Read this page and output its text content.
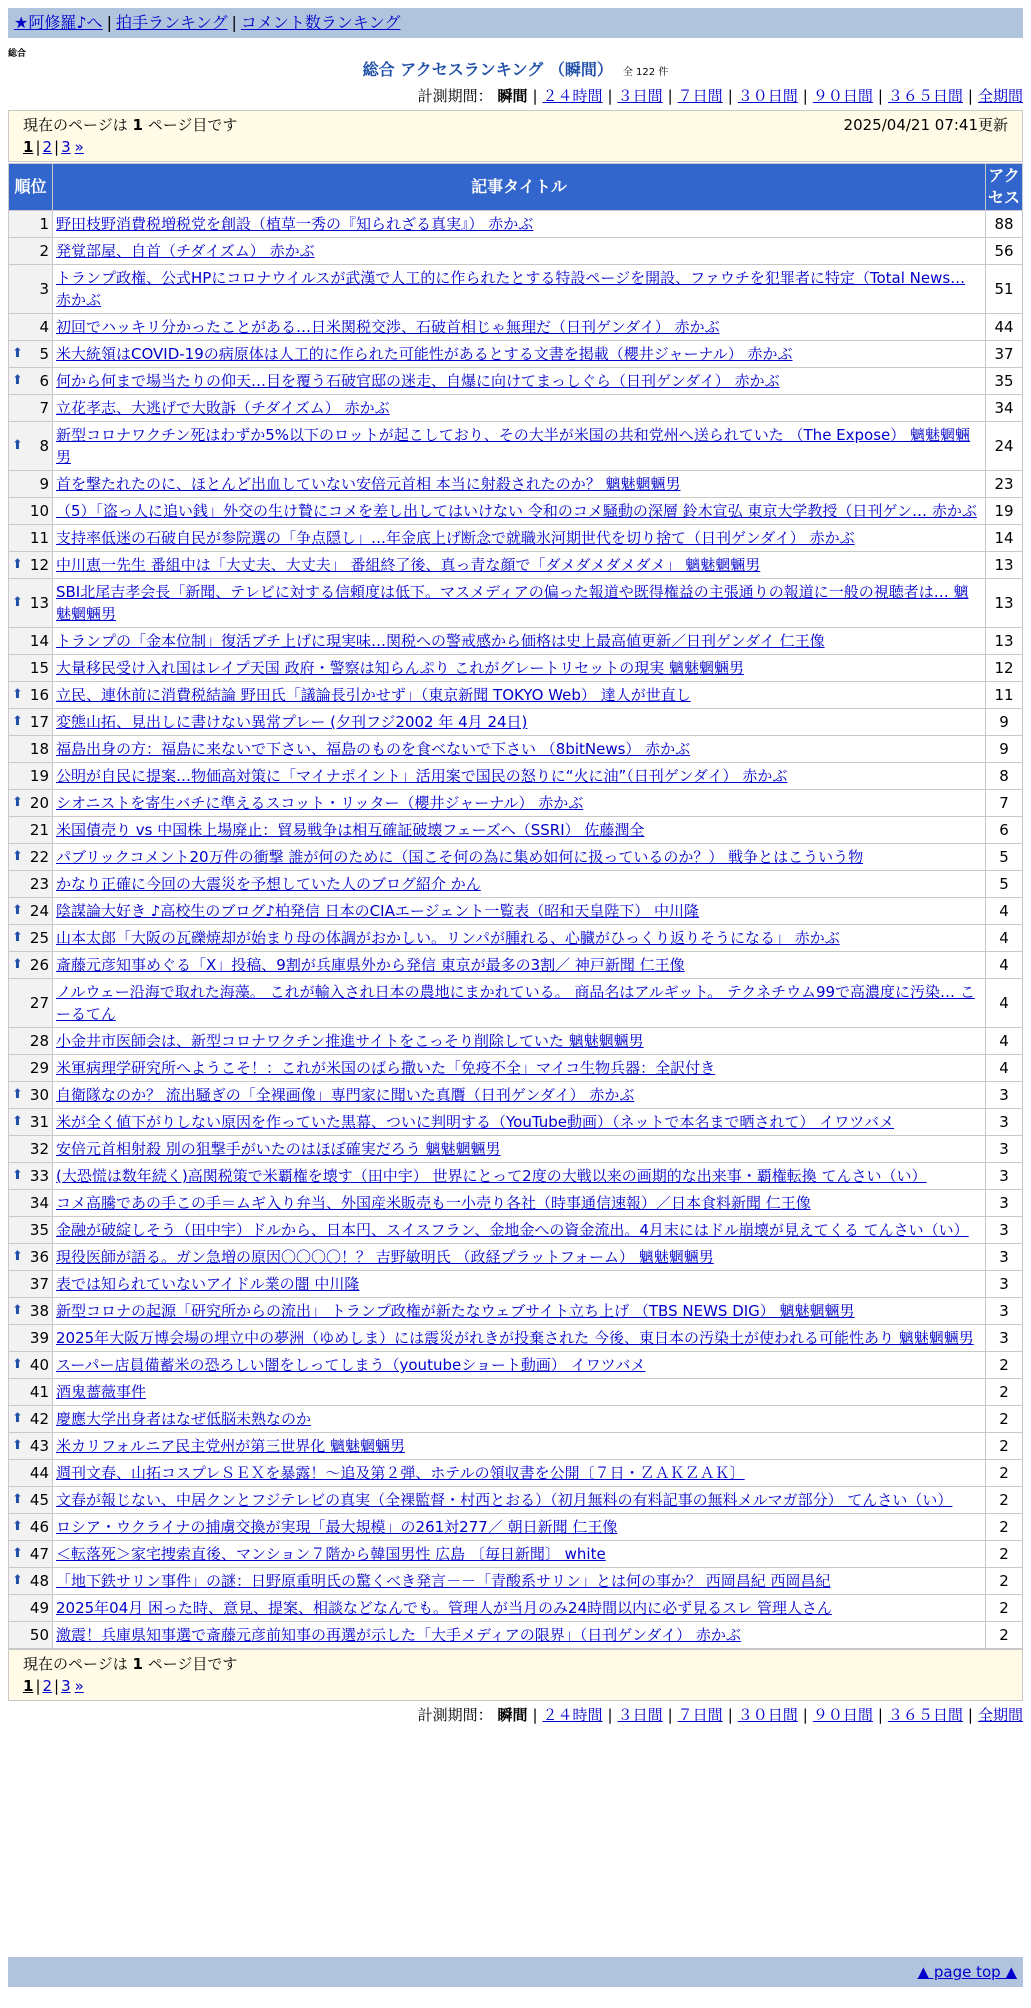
★阿修羅♪へ | 拍手ランキング | コメント数ランキング
総合
総合 アクセスランキング （瞬間） 全 122 件
計測期間： 瞬間 | ２４時間 | ３日間 | ７日間 | ３０日間 | ９０日間 | ３６５日間 | 全期間
現在のページは 1 ページ目です	2025/04/21 07:41更新
1 | 2 | 3 »
順位	記事タイトル	アクセス
1	野田枝野消費税増税党を創設（植草一秀の『知られざる真実』） 赤かぶ	88
2	発覚部屋、自首（チダイズム） 赤かぶ	56
3	トランプ政権、公式HPにコロナウイルスが武漢で人工的に作られたとする特設ページを開設、ファウチを犯罪者に特定（Total News… 赤かぶ	51
4	初回でハッキリ分かったことがある…日米関税交渉、石破首相じゃ無理だ（日刊ゲンダイ） 赤かぶ	44

⬆ 5	米大統領はCOVID-19の病原体は人工的に作られた可能性があるとする文書を掲載（櫻井ジャーナル） 赤かぶ	37

⬆ 6	何から何まで場当たりの仰天…目を覆う石破官邸の迷走、自爆に向けてまっしぐら（日刊ゲンダイ） 赤かぶ	35
7	立花孝志、大逃げで大敗訴（チダイズム） 赤かぶ	34

⬆ 8	新型コロナワクチン死はわずか5%以下のロットが起こしており、その大半が米国の共和党州へ送られていた （The Expose） 魑魅魍魎男	24
9	首を撃たれたのに、ほとんど出血していない安倍元首相 本当に射殺されたのか？ 魑魅魍魎男	23
10	（5）「盗っ人に追い銭」外交の生け贄にコメを差し出してはいけない 令和のコメ騒動の深層 鈴木宣弘 東京大学教授（日刊ゲン… 赤かぶ	19
11	支持率低迷の石破自民が参院選の「争点隠し」…年金底上げ断念で就職氷河期世代を切り捨て（日刊ゲンダイ） 赤かぶ	14

⬆ 12	中川恵一先生 番組中は「大丈夫、大丈夫」 番組終了後、真っ青な顔で「ダメダメダメダメ」 魑魅魍魎男	13

⬆ 13	SBI北尾吉孝会長「新聞、テレビに対する信頼度は低下。マスメディアの偏った報道や既得権益の主張通りの報道に一般の視聴者は… 魑魅魍魎男	13
14	トランプの「金本位制」復活ブチ上げに現実味…関税への警戒感から価格は史上最高値更新／日刊ゲンダイ 仁王像	13
15	大量移民受け入れ国はレイプ天国 政府・警察は知らんぷり これがグレートリセットの現実 魑魅魍魎男	12

⬆ 16	立民、連休前に消費税結論 野田氏「議論長引かせず」（東京新聞 TOKYO Web） 達人が世直し	11

⬆ 17	変態山拓、見出しに書けない異常プレー (夕刊フジ2002 年 4月 24日)	9
18	福島出身の方：福島に来ないで下さい、福島のものを食べないで下さい （8bitNews） 赤かぶ	9
19	公明が自民に提案…物価高対策に「マイナポイント」活用案で国民の怒りに“火に油”（日刊ゲンダイ） 赤かぶ	8

⬆ 20	シオニストを寄生バチに準えるスコット・リッター（櫻井ジャーナル） 赤かぶ	7
21	米国債売り vs 中国株上場廃止：貿易戦争は相互確証破壊フェーズへ（SSRI） 佐藤潤全	6

⬆ 22	パブリックコメント20万件の衝撃 誰が何のために（国こそ何の為に集め如何に扱っているのか？） 戦争とはこういう物	5
23	かなり正確に今回の大震災を予想していた人のブログ紹介 かん	5

⬆ 24	陰謀論大好き ♪高校生のブログ♪柏発信 日本のCIAエージェント一覧表（昭和天皇陛下） 中川隆	4

⬆ 25	山本太郎「大阪の瓦礫焼却が始まり母の体調がおかしい。リンパが腫れる、心臓がひっくり返りそうになる」 赤かぶ	4

⬆ 26	斎藤元彦知事めぐる「X」投稿、9割が兵庫県外から発信 東京が最多の3割／ 神戸新聞 仁王像	4
27	ノルウェー沿海で取れた海藻。 これが輸入され日本の農地にまかれている。 商品名はアルギット。 テクネチウム99で高濃度に汚染… こーるてん	4
28	小金井市医師会は、新型コロナワクチン推進サイトをこっそり削除していた 魑魅魍魎男	4
29	米軍病理学研究所へようこそ！：これが米国のばら撒いた「免疫不全」マイコ生物兵器：全訳付き	4

⬆ 30	自衛隊なのか？ 流出騒ぎの「全裸画像」専門家に聞いた真贋（日刊ゲンダイ） 赤かぶ	3

⬆ 31	米が全く値下がりしない原因を作っていた黒幕、ついに判明する（YouTube動画）（ネットで本名まで晒されて） イワツバメ	3
32	安倍元首相射殺 別の狙撃手がいたのはほぼ確実だろう 魑魅魍魎男	3

⬆ 33	(大恐慌は数年続く)高関税策で米覇権を壊す（田中宇） 世界にとって2度の大戦以来の画期的な出来事・覇権転換 てんさい（い）	3
34	コメ高騰であの手この手＝ムギ入り弁当、外国産米販売も一小売り各社（時事通信速報）／日本食料新聞 仁王像	3
35	金融が破綻しそう（田中宇）ドルから、日本円、スイスフラン、金地金への資金流出。4月末にはドル崩壊が見えてくる てんさい（い）	3

⬆ 36	現役医師が語る。ガン急増の原因〇〇〇〇！？ 吉野敏明氏 （政経プラットフォーム） 魑魅魍魎男	3
37	表では知られていないアイドル業の闇 中川隆	3

⬆ 38	新型コロナの起源「研究所からの流出」 トランプ政権が新たなウェブサイト立ち上げ （TBS NEWS DIG） 魑魅魍魎男	3
39	2025年大阪万博会場の埋立中の夢洲（ゆめしま）には震災がれきが投棄された 今後、東日本の汚染土が使われる可能性あり 魑魅魍魎男	3

⬆ 40	スーパー店員備蓄米の恐ろしい闇をしってしまう（youtubeショート動画） イワツバメ	2
41	酒鬼薔薇事件	2

⬆ 42	慶應大学出身者はなぜ低脳未熟なのか	2

⬆ 43	米カリフォルニア民主党州が第三世界化 魑魅魍魎男	2
44	週刊文春、山拓コスプレＳＥＸを暴露！～追及第２弾、ホテルの領収書を公開〔７日・ＺＡＫＺＡＫ〕	2

⬆ 45	文春が報じない、中居クンとフジテレビの真実（全裸監督・村西とおる）（初月無料の有料記事の無料メルマガ部分） てんさい（い）	2

⬆ 46	ロシア・ウクライナの捕虜交換が実現「最大規模」の261対277／ 朝日新聞 仁王像	2

⬆ 47	＜転落死＞家宅捜索直後、マンション７階から韓国男性 広島 〔毎日新聞〕 white	2

⬆ 48	「地下鉄サリン事件」の謎：日野原重明氏の驚くべき発言－－「青酸系サリン」とは何の事か？ 西岡昌紀 西岡昌紀	2
49	2025年04月 困った時、意見、提案、相談などなんでも。管理人が当月のみ24時間以内に必ず見るスレ 管理人さん	2
50	激震！兵庫県知事選で斎藤元彦前知事の再選が示した「大手メディアの限界」（日刊ゲンダイ） 赤かぶ	2
現在のページは 1 ページ目です
1 | 2 | 3 »
計測期間： 瞬間 | ２４時間 | ３日間 | ７日間 | ３０日間 | ９０日間 | ３６５日間 | 全期間
▲ page top ▲
